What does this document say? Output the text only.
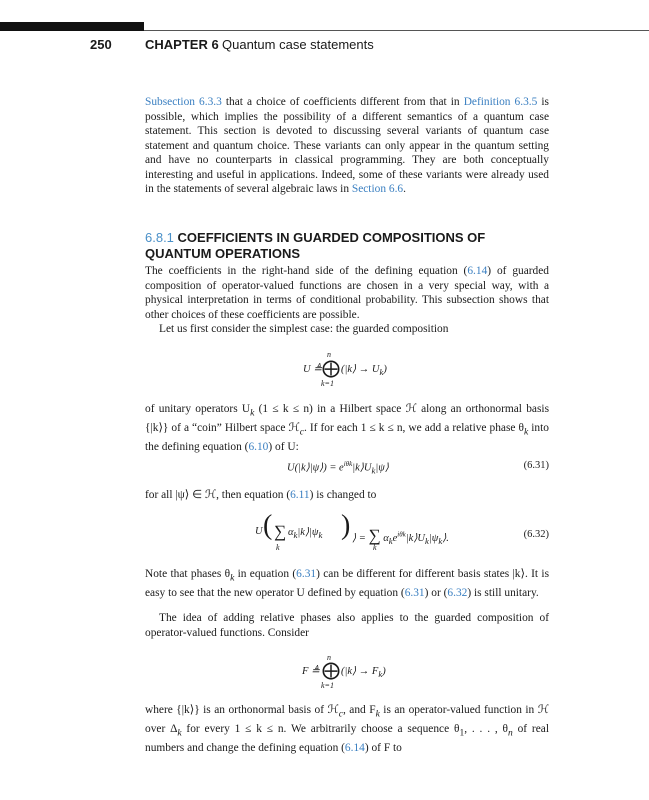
250	CHAPTER 6 Quantum case statements

Subsection 6.3.3 that a choice of coefficients different from that in Definition 6.3.5 is possible, which implies the possibility of a different semantics of a quantum case statement. This section is devoted to discussing several variants of quantum case statement and quantum choice. These variants can only appear in the quantum setting and have no counterparts in classical programming. They are both conceptually interesting and useful in applications. Indeed, some of these variants were already used in the statements of several algebraic laws in Section 6.6.

6.8.1 COEFFICIENTS IN GUARDED COMPOSITIONS OF QUANTUM OPERATIONS

The coefficients in the right-hand side of the defining equation (6.14) of guarded composition of operator-valued functions are chosen in a very special way, with a physical interpretation in terms of conditional probability. This subsection shows that other choices of these coefficients are possible.

Let us first consider the simplest case: the guarded composition

n
U ≜ ⨁ (|k⟩ → $U_k$)
k=1

of unitary operators $U_k$ (1 ≤ k ≤ n) in a Hilbert space ℋ along an orthonormal basis {|k⟩} of a “coin” Hilbert space ℋ$_c$. If for each 1 ≤ k ≤ n, we add a relative phase $\theta_k$ into the defining equation (6.10) of U:

U(|k⟩|ψ⟩) = $e^{i\theta k}|k⟩U_k|\psi⟩$	(6.31)

for all |ψ⟩ ∈ ℋ, then equation (6.11) is changed to

U ( ∑ $\alpha_k|k⟩|\psi_k$ ) ⟩ = ∑ $\alpha_ke^{i\theta k}|k⟩U_k|\psi_k⟩$.
k	k
(6.32)

Note that phases $\theta_k$ in equation (6.31) can be different for different basis states |k⟩. It is easy to see that the new operator U defined by equation (6.31) or (6.32) is still unitary.

The idea of adding relative phases also applies to the guarded composition of operator-valued functions. Consider

n
F ≜ ⨁ (|k⟩ → $F_k$)
k=1

where {|k⟩} is an orthonormal basis of ℋ$_c$, and $F_k$ is an operator-valued function in ℋ over $\Delta_k$ for every 1 ≤ k ≤ n. We arbitrarily choose a sequence $\theta_1$, . . . , $\theta_n$ of real numbers and change the defining equation (6.14) of F to
